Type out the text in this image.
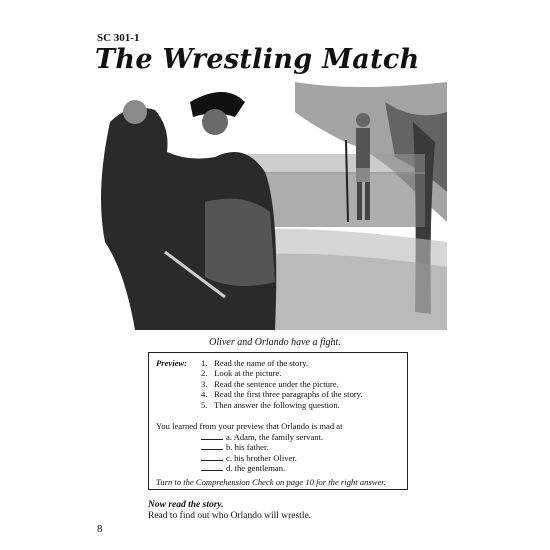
SC 301-1
The Wrestling Match
Oliver and Orlando have a fight.
Preview: 1. Read the name of the story.
2. Look at the picture.
3. Read the sentence under the picture.
4. Read the first three paragraphs of the story.
5. Then answer the following question.
You learned from your preview that Orlando is mad at
a. Adam, the family servant.
b. his father.
c. his brother Oliver.
d. the gentleman.
Turn to the Comprehension Check on page 10 for the right answer.
Now read the story.
Read to find out who Orlando will wrestle.
8
